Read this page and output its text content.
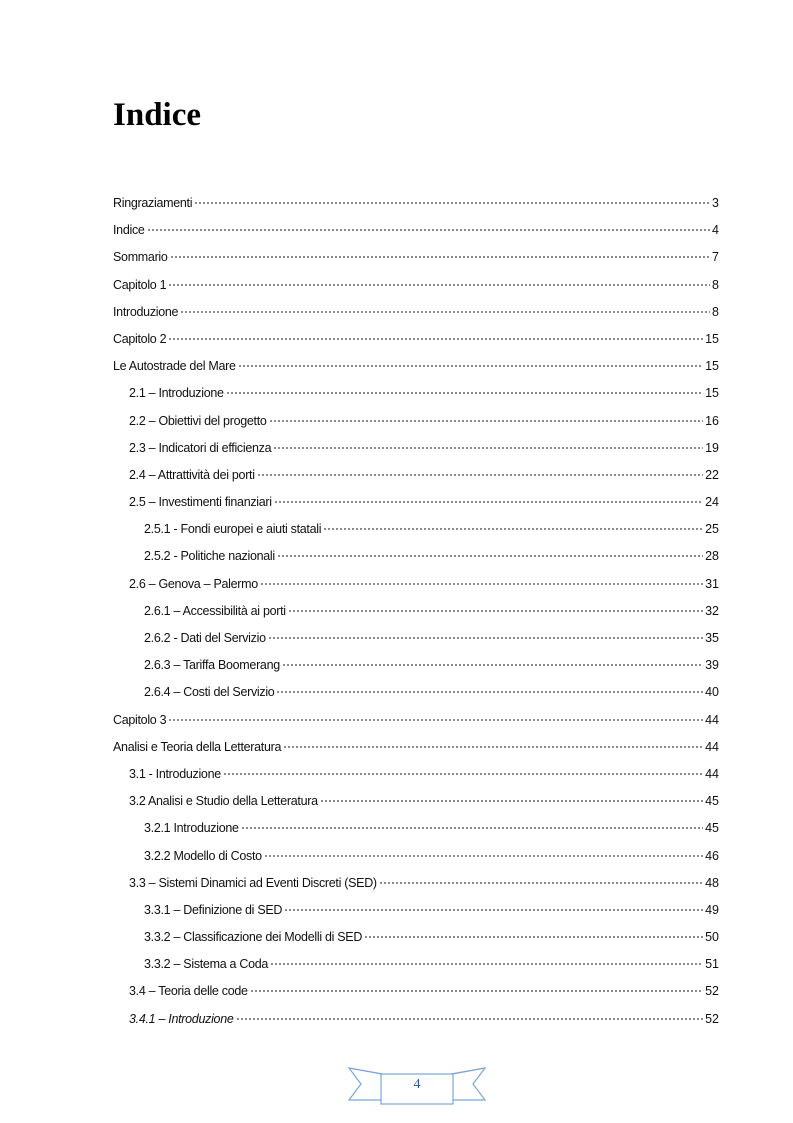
Indice
Ringraziamenti	3
Indice	4
Sommario	7
Capitolo 1	8
Introduzione	8
Capitolo 2	15
Le Autostrade del Mare	15
2.1 – Introduzione	15
2.2 – Obiettivi del progetto	16
2.3 – Indicatori di efficienza	19
2.4 – Attrattività dei porti	22
2.5 – Investimenti finanziari	24
2.5.1 - Fondi europei e aiuti statali	25
2.5.2 - Politiche nazionali	28
2.6 – Genova – Palermo	31
2.6.1 – Accessibilità ai porti	32
2.6.2 - Dati del Servizio	35
2.6.3 – Tariffa Boomerang	39
2.6.4 – Costi del Servizio	40
Capitolo 3	44
Analisi e Teoria della Letteratura	44
3.1 - Introduzione	44
3.2 Analisi e Studio della Letteratura	45
3.2.1 Introduzione	45
3.2.2 Modello di Costo	46
3.3 – Sistemi Dinamici ad Eventi Discreti (SED)	48
3.3.1 – Definizione di SED	49
3.3.2 – Classificazione dei Modelli di SED	50
3.3.2 – Sistema a Coda	51
3.4 – Teoria delle code	52
3.4.1 – Introduzione	52
4
